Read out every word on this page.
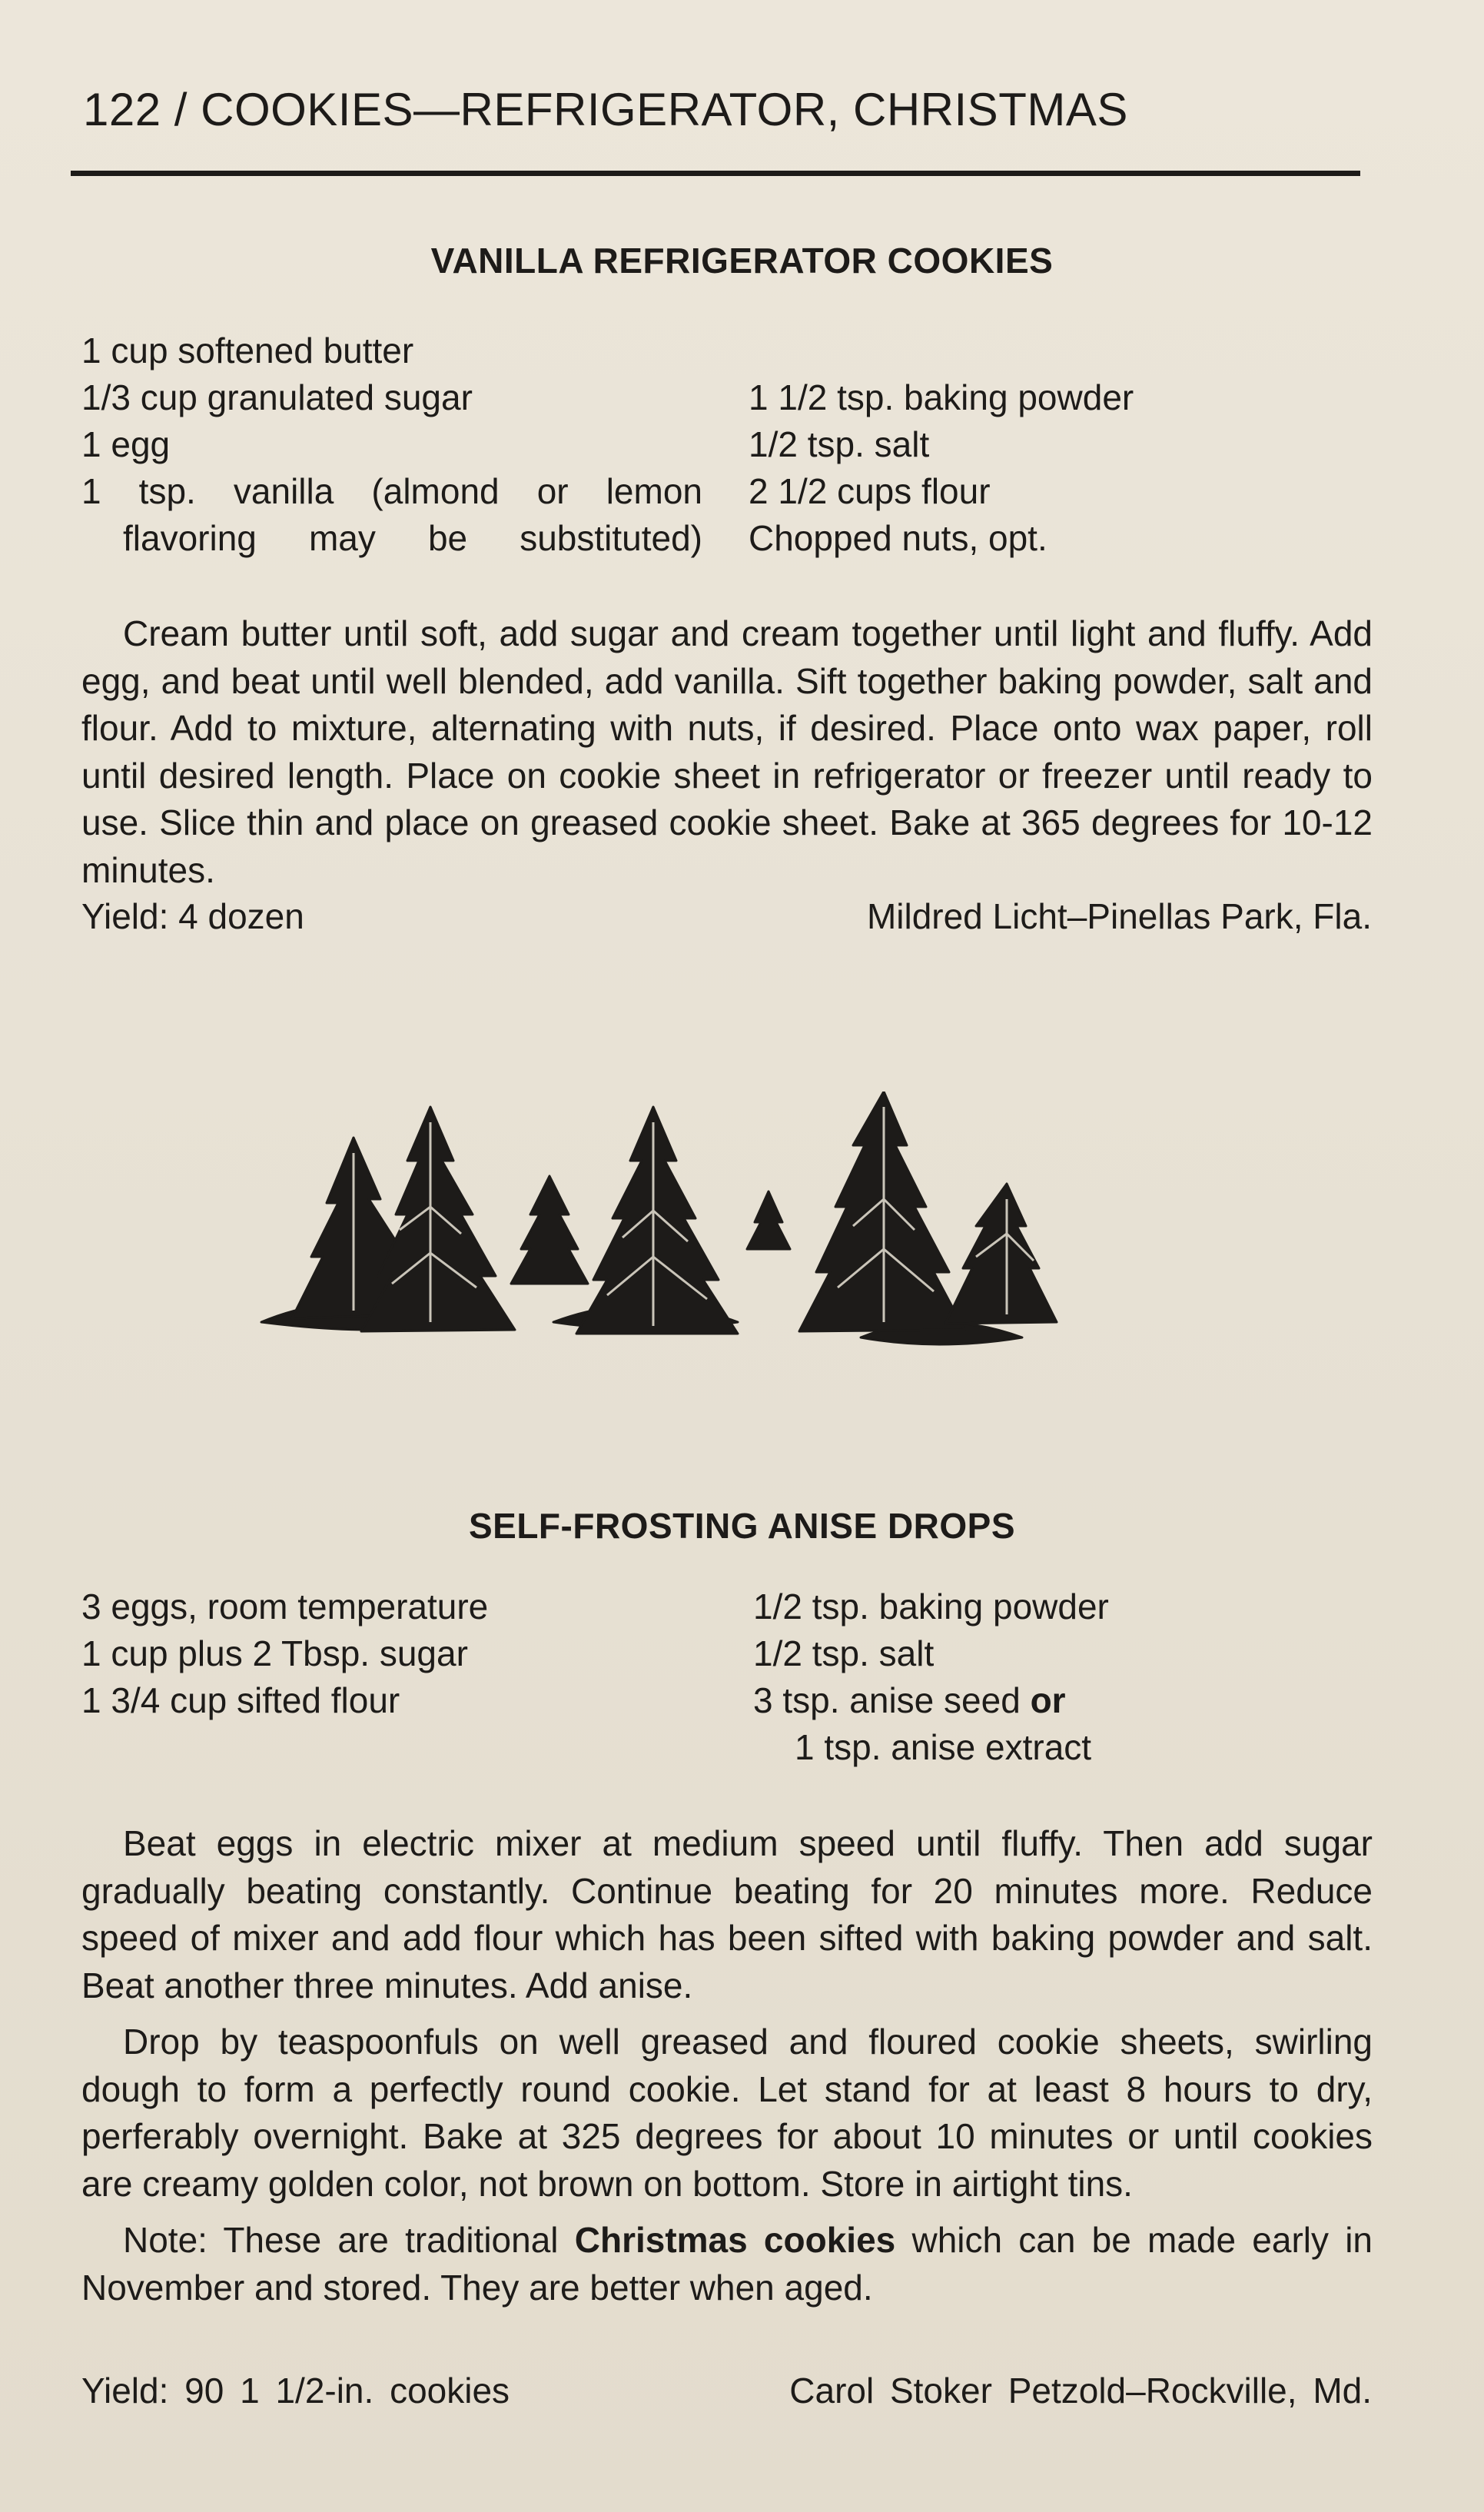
122 / COOKIES—REFRIGERATOR, CHRISTMAS
VANILLA REFRIGERATOR COOKIES
1 cup softened butter
1/3 cup granulated sugar
1 egg
1 tsp. vanilla (almond or lemon
flavoring may be substituted)
1 1/2 tsp. baking powder
1/2 tsp. salt
2 1/2 cups flour
Chopped nuts, opt.

Cream butter until soft, add sugar and cream together until light and fluffy. Add egg, and beat until well blended, add vanilla. Sift together baking powder, salt and flour. Add to mixture, alternating with nuts, if desired. Place onto wax paper, roll until desired length. Place on cookie sheet in refrigerator or freezer until ready to use. Slice thin and place on greased cookie sheet. Bake at 365 degrees for 10-12 minutes.

Yield: 4 dozen	Mildred Licht–Pinellas Park, Fla.
SELF-FROSTING ANISE DROPS
3 eggs, room temperature
1 cup plus 2 Tbsp. sugar
1 3/4 cup sifted flour
1/2 tsp. baking powder
1/2 tsp. salt
3 tsp. anise seed or
1 tsp. anise extract

Beat eggs in electric mixer at medium speed until fluffy. Then add sugar gradually beating constantly. Continue beating for 20 minutes more. Reduce speed of mixer and add flour which has been sifted with baking powder and salt. Beat another three minutes. Add anise.

Drop by teaspoonfuls on well greased and floured cookie sheets, swirling dough to form a perfectly round cookie. Let stand for at least 8 hours to dry, perferably overnight. Bake at 325 degrees for about 10 minutes or until cookies are creamy golden color, not brown on bottom. Store in airtight tins.

Note: These are traditional Christmas cookies which can be made early in November and stored. They are better when aged.

Yield: 90 1 1/2-in. cookies	Carol Stoker Petzold–Rockville, Md.
